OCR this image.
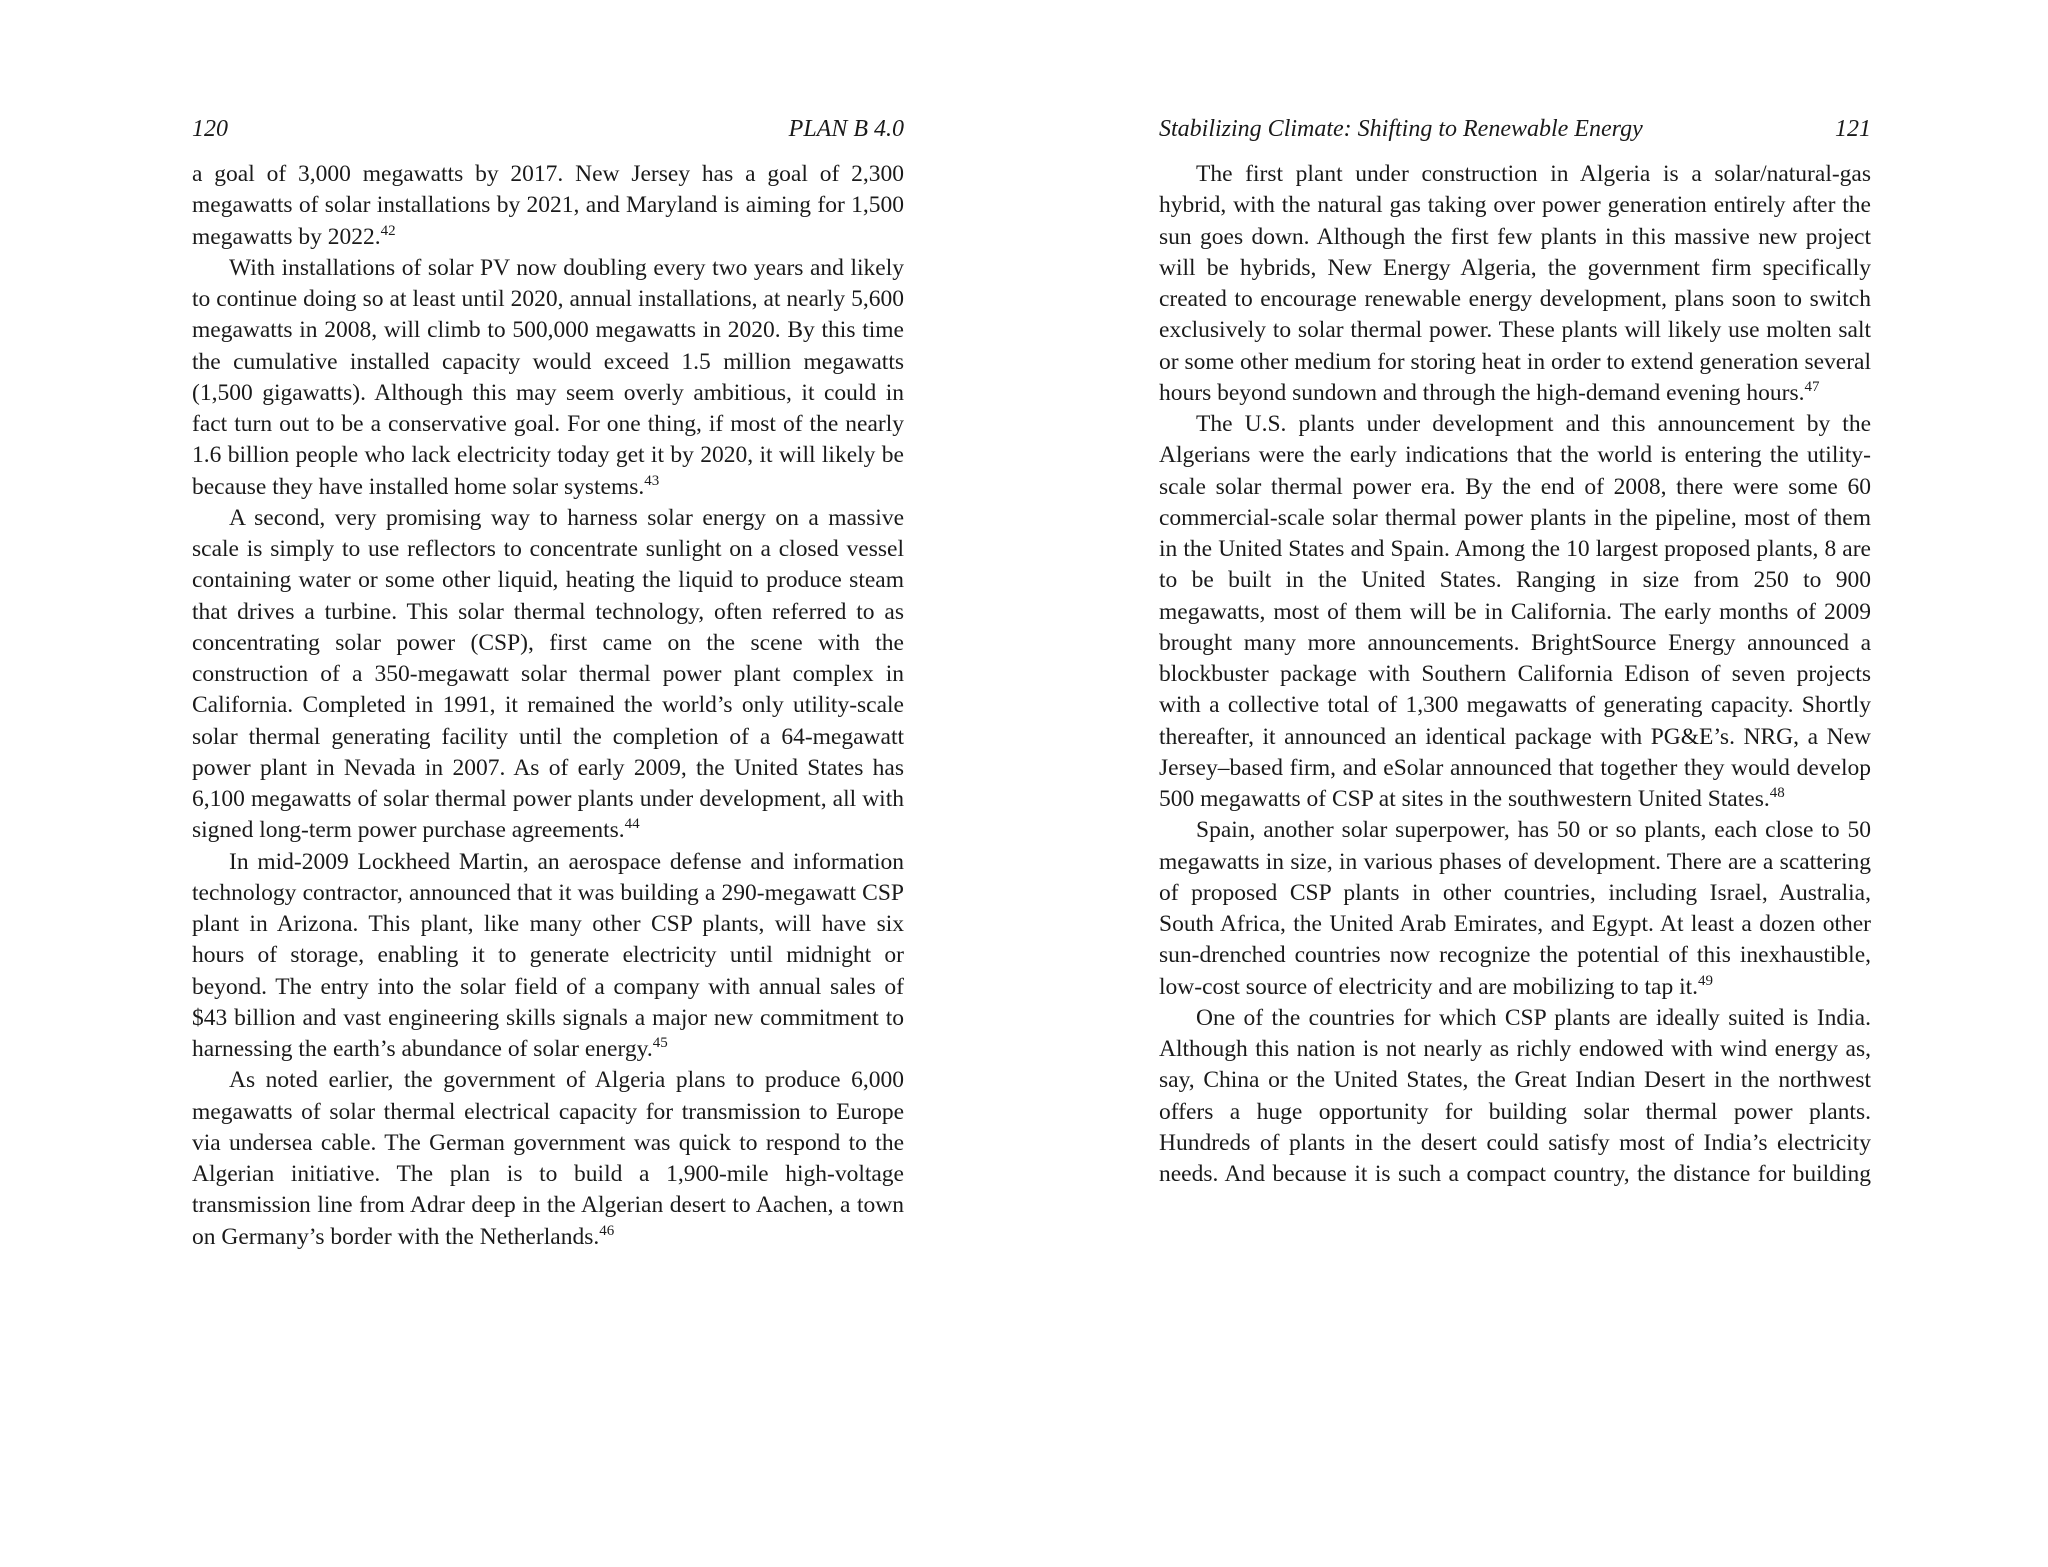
120	PLAN B 4.0

a goal of 3,000 megawatts by 2017. New Jersey has a goal of 2,300 megawatts of solar installations by 2021, and Maryland is aiming for 1,500 megawatts by 2022.42

With installations of solar PV now doubling every two years and likely to continue doing so at least until 2020, annual installations, at nearly 5,600 megawatts in 2008, will climb to 500,000 megawatts in 2020. By this time the cumulative installed capacity would exceed 1.5 million megawatts (1,500 gigawatts). Although this may seem overly ambitious, it could in fact turn out to be a conservative goal. For one thing, if most of the nearly 1.6 billion people who lack electricity today get it by 2020, it will likely be because they have installed home solar systems.$^{43}$

A second, very promising way to harness solar energy on a massive scale is simply to use reflectors to concentrate sunlight on a closed vessel containing water or some other liquid, heating the liquid to produce steam that drives a turbine. This solar thermal technology, often referred to as concentrating solar power (CSP), first came on the scene with the construction of a 350-megawatt solar thermal power plant complex in California. Completed in 1991, it remained the world’s only utility-scale solar thermal generating facility until the completion of a 64-​megawatt power plant in Nevada in 2007. As of early 2009, the United States has 6,100 megawatts of solar thermal power plants under development, all with signed long-term power purchase agreements.$^{44}$

In mid-2009 Lockheed Martin, an aerospace defense and information technology contractor, announced that it was building a 290-megawatt CSP plant in Arizona. This plant, like many other CSP plants, will have six hours of storage, enabling it to generate electricity until midnight or beyond. The entry into the solar field of a company with annual sales of $43 billion and vast engineering skills signals a major new commitment to harnessing the earth’s abundance of solar energy.$^{45}$

As noted earlier, the government of Algeria plans to produce 6,000 megawatts of solar thermal electrical capacity for transmission to Europe via undersea cable. The German government was quick to respond to the Algerian initiative. The plan is to build a 1,900-mile high-voltage transmission line from Adrar deep in the Algerian desert to Aachen, a town on Germany’s border with the Netherlands.$^{46}$

Stabilizing Climate: Shifting to Renewable Energy	121

The first plant under construction in Algeria is a solar/natural-gas hybrid, with the natural gas taking over power generation entirely after the sun goes down. Although the first few plants in this massive new project will be hybrids, New Energy Algeria, the government firm specifically created to encourage renewable energy development, plans soon to switch exclusively to solar thermal power. These plants will likely use molten salt or some other medium for storing heat in order to extend generation several hours beyond sundown and through the high-​demand evening hours.$^{47}$

The U.S. plants under development and this announcement by the Algerians were the early indications that the world is entering the utility-scale solar thermal power era. By the end of 2008, there were some 60 commercial-scale solar thermal power plants in the pipeline, most of them in the United States and Spain. Among the 10 largest proposed plants, 8 are to be built in the United States. Ranging in size from 250 to 900 megawatts, most of them will be in California. The early months of 2009 brought many more announcements. BrightSource Energy announced a blockbuster package with Southern California Edison of seven projects with a collective total of 1,300 megawatts of generating capacity. Shortly thereafter, it announced an identical package with PG&E’s. NRG, a New Jersey–based firm, and eSolar announced that together they would develop 500 megawatts of CSP at sites in the southwestern United States.$^{48}$

Spain, another solar superpower, has 50 or so plants, each close to 50 megawatts in size, in various phases of development. There are a scattering of proposed CSP plants in other countries, including Israel, Australia, South Africa, the United Arab Emirates, and Egypt. At least a dozen other sun-drenched countries now recognize the potential of this inexhaustible, low-cost source of electricity and are mobilizing to tap it.$^{49}$

One of the countries for which CSP plants are ideally suited is India. Although this nation is not nearly as richly endowed with wind energy as, say, China or the United States, the Great Indian Desert in the northwest offers a huge opportunity for building solar thermal power plants. Hundreds of plants in the desert could satisfy most of India’s electricity needs. And because it is such a compact country, the distance for building
